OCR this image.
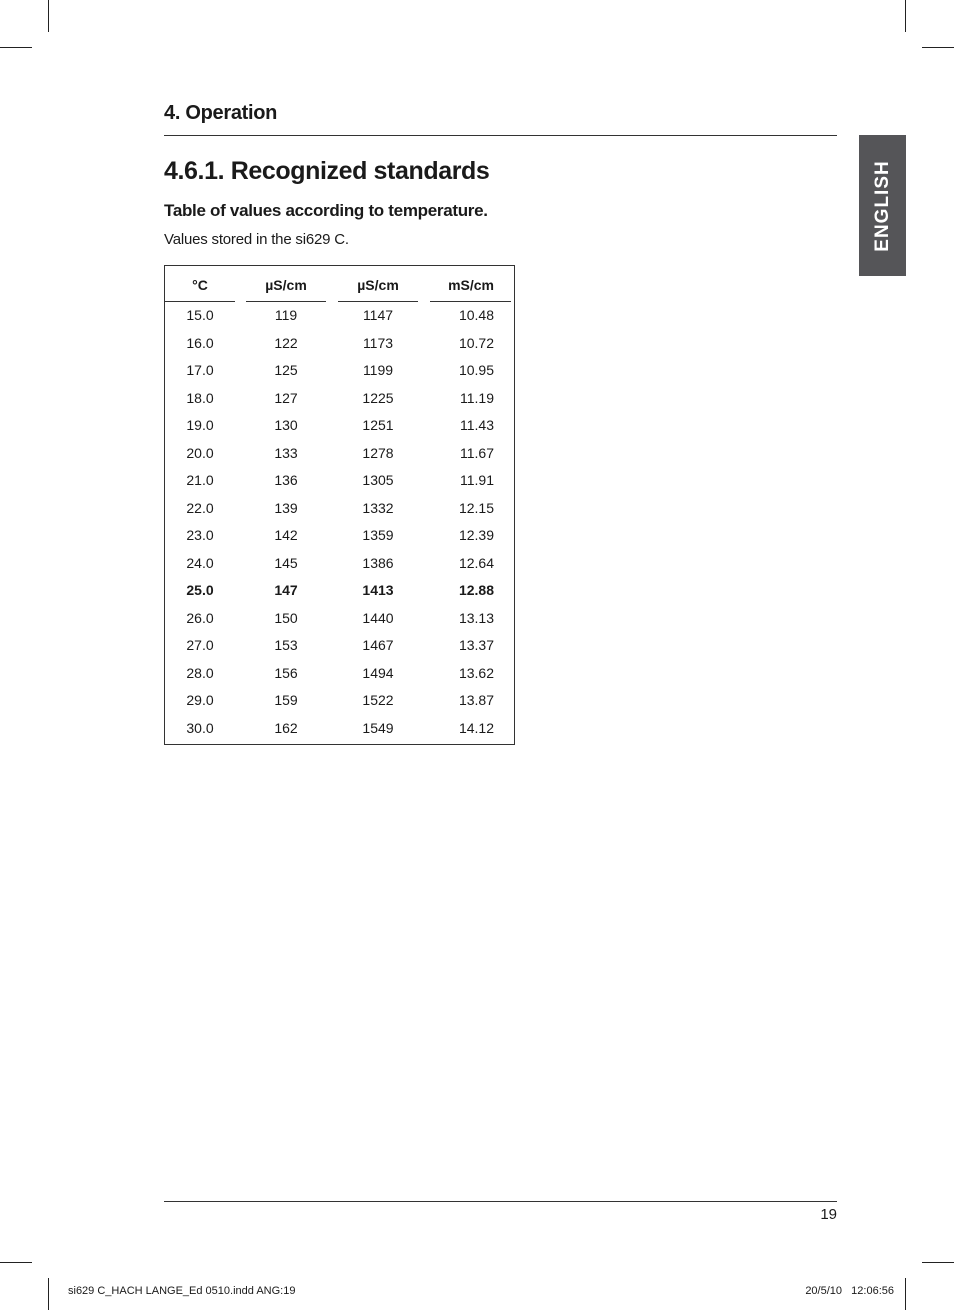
4. Operation
ENGLISH
4.6.1. Recognized standards
Table of values according to temperature.
Values stored in the si629 C.
°C	µS/cm	µS/cm	mS/cm
15.0	119	1147	10.48
16.0	122	1173	10.72
17.0	125	1199	10.95
18.0	127	1225	11.19
19.0	130	1251	11.43
20.0	133	1278	11.67
21.0	136	1305	11.91
22.0	139	1332	12.15
23.0	142	1359	12.39
24.0	145	1386	12.64
25.0	147	1413	12.88
26.0	150	1440	13.13
27.0	153	1467	13.37
28.0	156	1494	13.62
29.0	159	1522	13.87
30.0	162	1549	14.12
19
si629 C_HACH LANGE_Ed 0510.indd ANG:19	20/5/10   12:06:56
